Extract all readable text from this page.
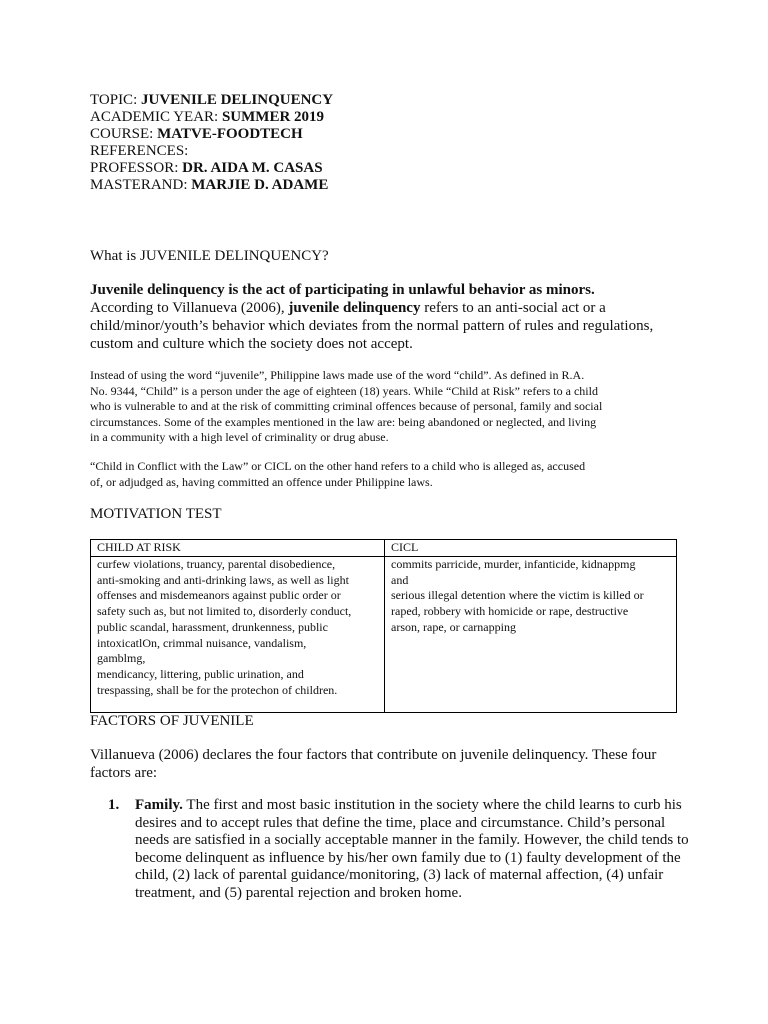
TOPIC: JUVENILE DELINQUENCY
ACADEMIC YEAR: SUMMER 2019
COURSE: MATVE-FOODTECH
REFERENCES:
PROFESSOR: DR. AIDA M. CASAS
MASTERAND: MARJIE D. ADAME
What is JUVENILE DELINQUENCY?
Juvenile delinquency is the act of participating in unlawful behavior as minors.
According to Villanueva (2006), juvenile delinquency refers to an anti-social act or a
child/minor/youth’s behavior which deviates from the normal pattern of rules and regulations,
custom and culture which the society does not accept.
Instead of using the word “juvenile”, Philippine laws made use of the word “child”. As defined in R.A.
No. 9344, “Child” is a person under the age of eighteen (18) years. While “Child at Risk” refers to a child
who is vulnerable to and at the risk of committing criminal offences because of personal, family and social
circumstances. Some of the examples mentioned in the law are: being abandoned or neglected, and living
in a community with a high level of criminality or drug abuse.
“Child in Conflict with the Law” or CICL on the other hand refers to a child who is alleged as, accused
of, or adjudged as, having committed an offence under Philippine laws.
MOTIVATION TEST
CHILD AT RISK	CICL
curfew violations, truancy, parental disobedience,
anti-smoking and anti-drinking laws, as well as light
offenses and misdemeanors against public order or
safety such as, but not limited to, disorderly conduct,
public scandal, harassment, drunkenness, public
intoxicatlOn, crimmal nuisance, vandalism,
gamblmg,
mendicancy, littering, public urination, and
trespassing, shall be for the protechon of children.
commits parricide, murder, infanticide, kidnappmg
and
serious illegal detention where the victim is killed or
raped, robbery with homicide or rape, destructive
arson, rape, or carnapping
FACTORS OF JUVENILE
Villanueva (2006) declares the four factors that contribute on juvenile delinquency. These four
factors are:
1. Family. The first and most basic institution in the society where the child learns to curb his
desires and to accept rules that define the time, place and circumstance. Child’s personal
needs are satisfied in a socially acceptable manner in the family. However, the child tends to
become delinquent as influence by his/her own family due to (1) faulty development of the
child, (2) lack of parental guidance/monitoring, (3) lack of maternal affection, (4) unfair
treatment, and (5) parental rejection and broken home.
